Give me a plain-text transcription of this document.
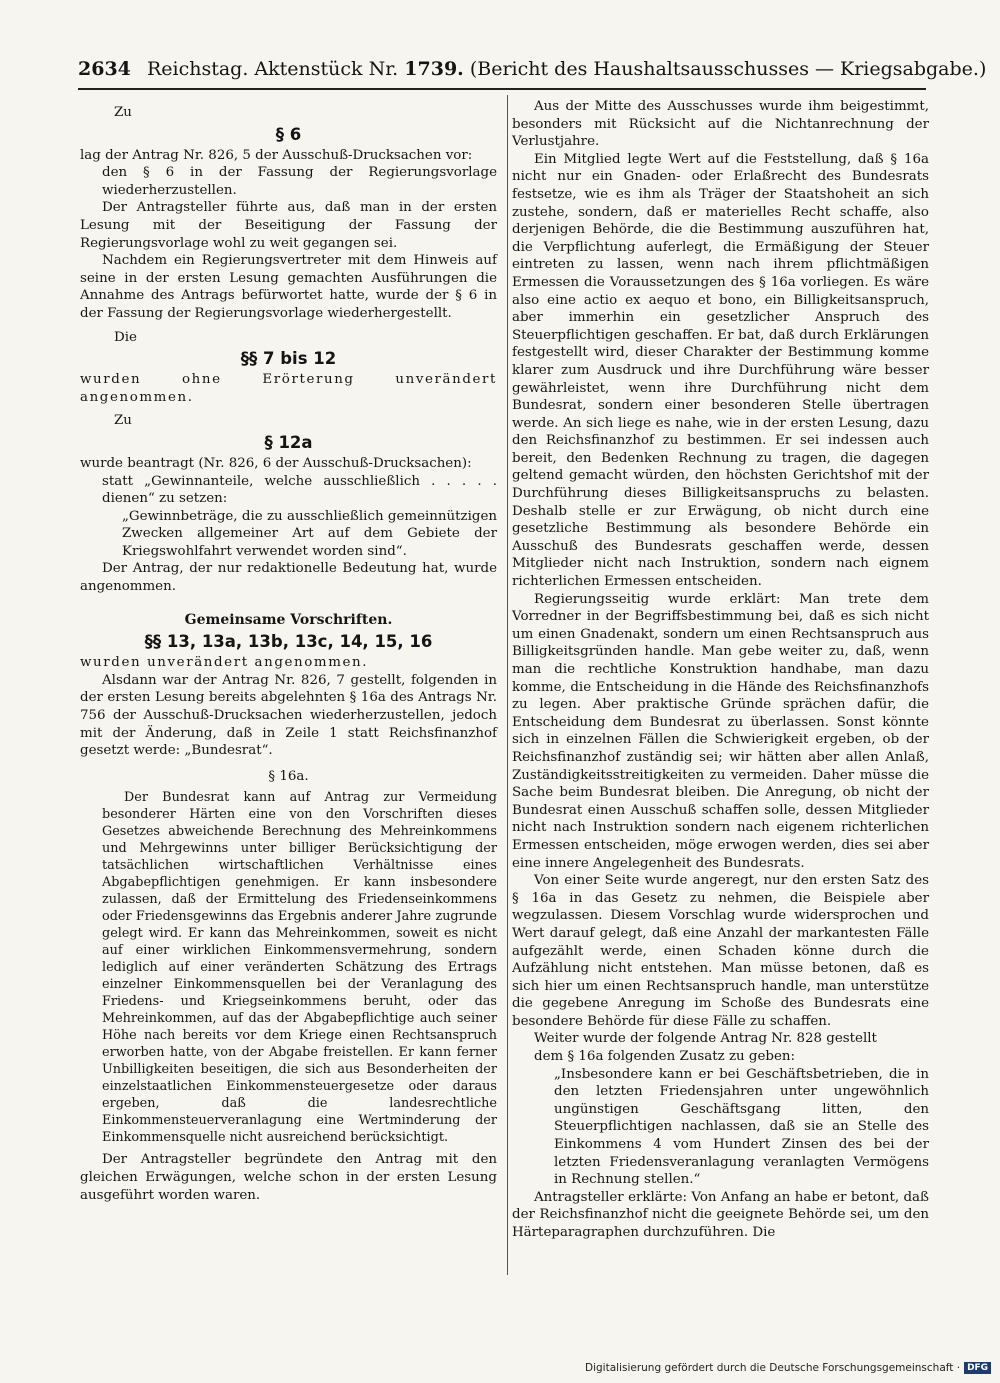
2634 Reichstag. Aktenstück Nr. 1739. (Bericht des Haushaltsausschusses — Kriegsabgabe.)

Zu

§ 6

lag der Antrag Nr. 826, 5 der Ausschuß-Drucksachen vor:

den § 6 in der Fassung der Regierungsvorlage wiederherzustellen.

Der Antragsteller führte aus, daß man in der ersten Lesung mit der Beseitigung der Fassung der Regierungsvorlage wohl zu weit gegangen sei.

Nachdem ein Regierungsvertreter mit dem Hinweis auf seine in der ersten Lesung gemachten Ausführungen die Annahme des Antrags befürwortet hatte, wurde der § 6 in der Fassung der Regierungsvorlage wiederhergestellt.

Die

§§ 7 bis 12

wurden ohne Erörterung unverändert angenommen.

Zu

§ 12a

wurde beantragt (Nr. 826, 6 der Ausschuß-Drucksachen):

statt „Gewinnanteile, welche ausschließlich . . . . . dienen“ zu setzen:

„Gewinnbeträge, die zu ausschließlich gemeinnützigen Zwecken allgemeiner Art auf dem Gebiete der Kriegswohlfahrt verwendet worden sind“.

Der Antrag, der nur redaktionelle Bedeutung hat, wurde angenommen.

Gemeinsame Vorschriften.
§§ 13, 13a, 13b, 13c, 14, 15, 16

wurden unverändert angenommen.

Alsdann war der Antrag Nr. 826, 7 gestellt, folgenden in der ersten Lesung bereits abgelehnten § 16a des Antrags Nr. 756 der Ausschuß-Drucksachen wiederherzustellen, jedoch mit der Änderung, daß in Zeile 1 statt Reichsfinanzhof gesetzt werde: „Bundesrat“.

§ 16a.

Der Bundesrat kann auf Antrag zur Vermeidung besonderer Härten eine von den Vorschriften dieses Gesetzes abweichende Berechnung des Mehreinkommens und Mehrgewinns unter billiger Berücksichtigung der tatsächlichen wirtschaftlichen Verhältnisse eines Abgabepflichtigen genehmigen. Er kann insbesondere zulassen, daß der Ermittelung des Friedenseinkommens oder Friedensgewinns das Ergebnis anderer Jahre zugrunde gelegt wird. Er kann das Mehreinkommen, soweit es nicht auf einer wirklichen Einkommensvermehrung, sondern lediglich auf einer veränderten Schätzung des Ertrags einzelner Einkommensquellen bei der Veranlagung des Friedens- und Kriegseinkommens beruht, oder das Mehreinkommen, auf das der Abgabepflichtige auch seiner Höhe nach bereits vor dem Kriege einen Rechtsanspruch erworben hatte, von der Abgabe freistellen. Er kann ferner Unbilligkeiten beseitigen, die sich aus Besonderheiten der einzelstaatlichen Einkommensteuergesetze oder daraus ergeben, daß die landesrechtliche Einkommensteuerveranlagung eine Wertminderung der Einkommensquelle nicht ausreichend berücksichtigt.

Der Antragsteller begründete den Antrag mit den gleichen Erwägungen, welche schon in der ersten Lesung ausgeführt worden waren.

Aus der Mitte des Ausschusses wurde ihm beigestimmt, besonders mit Rücksicht auf die Nichtanrechnung der Verlustjahre.

Ein Mitglied legte Wert auf die Feststellung, daß § 16a nicht nur ein Gnaden- oder Erlaßrecht des Bundesrats festsetze, wie es ihm als Träger der Staatshoheit an sich zustehe, sondern, daß er materielles Recht schaffe, also derjenigen Behörde, die die Bestimmung auszuführen hat, die Verpflichtung auferlegt, die Ermäßigung der Steuer eintreten zu lassen, wenn nach ihrem pflichtmäßigen Ermessen die Voraussetzungen des § 16a vorliegen. Es wäre also eine actio ex aequo et bono, ein Billigkeitsanspruch, aber immerhin ein gesetzlicher Anspruch des Steuerpflichtigen geschaffen. Er bat, daß durch Erklärungen festgestellt wird, dieser Charakter der Bestimmung komme klarer zum Ausdruck und ihre Durchführung wäre besser gewährleistet, wenn ihre Durchführung nicht dem Bundesrat, sondern einer besonderen Stelle übertragen werde. An sich liege es nahe, wie in der ersten Lesung, dazu den Reichsfinanzhof zu bestimmen. Er sei indessen auch bereit, den Bedenken Rechnung zu tragen, die dagegen geltend gemacht würden, den höchsten Gerichtshof mit der Durchführung dieses Billigkeitsanspruchs zu belasten. Deshalb stelle er zur Erwägung, ob nicht durch eine gesetzliche Bestimmung als besondere Behörde ein Ausschuß des Bundesrats geschaffen werde, dessen Mitglieder nicht nach Instruktion, sondern nach eignem richterlichen Ermessen entscheiden.

Regierungsseitig wurde erklärt: Man trete dem Vorredner in der Begriffsbestimmung bei, daß es sich nicht um einen Gnadenakt, sondern um einen Rechtsanspruch aus Billigkeitsgründen handle. Man gebe weiter zu, daß, wenn man die rechtliche Konstruktion handhabe, man dazu komme, die Entscheidung in die Hände des Reichsfinanzhofs zu legen. Aber praktische Gründe sprächen dafür, die Entscheidung dem Bundesrat zu überlassen. Sonst könnte sich in einzelnen Fällen die Schwierigkeit ergeben, ob der Reichsfinanzhof zuständig sei; wir hätten aber allen Anlaß, Zuständigkeitsstreitigkeiten zu vermeiden. Daher müsse die Sache beim Bundesrat bleiben. Die Anregung, ob nicht der Bundesrat einen Ausschuß schaffen solle, dessen Mitglieder nicht nach Instruktion sondern nach eigenem richterlichen Ermessen entscheiden, möge erwogen werden, dies sei aber eine innere Angelegenheit des Bundesrats.

Von einer Seite wurde angeregt, nur den ersten Satz des § 16a in das Gesetz zu nehmen, die Beispiele aber wegzulassen. Diesem Vorschlag wurde widersprochen und Wert darauf gelegt, daß eine Anzahl der markantesten Fälle aufgezählt werde, einen Schaden könne durch die Aufzählung nicht entstehen. Man müsse betonen, daß es sich hier um einen Rechtsanspruch handle, man unterstütze die gegebene Anregung im Schoße des Bundesrats eine besondere Behörde für diese Fälle zu schaffen.

Weiter wurde der folgende Antrag Nr. 828 gestellt

dem § 16a folgenden Zusatz zu geben:

„Insbesondere kann er bei Geschäftsbetrieben, die in den letzten Friedensjahren unter ungewöhnlich ungünstigen Geschäftsgang litten, den Steuerpflichtigen nachlassen, daß sie an Stelle des Einkommens 4 vom Hundert Zinsen des bei der letzten Friedensveranlagung veranlagten Vermögens in Rechnung stellen.“

Antragsteller erklärte: Von Anfang an habe er betont, daß der Reichsfinanzhof nicht die geeignete Behörde sei, um den Härteparagraphen durchzuführen. Die

Digitalisierung gefördert durch die Deutsche Forschungsgemeinschaft · DFG
